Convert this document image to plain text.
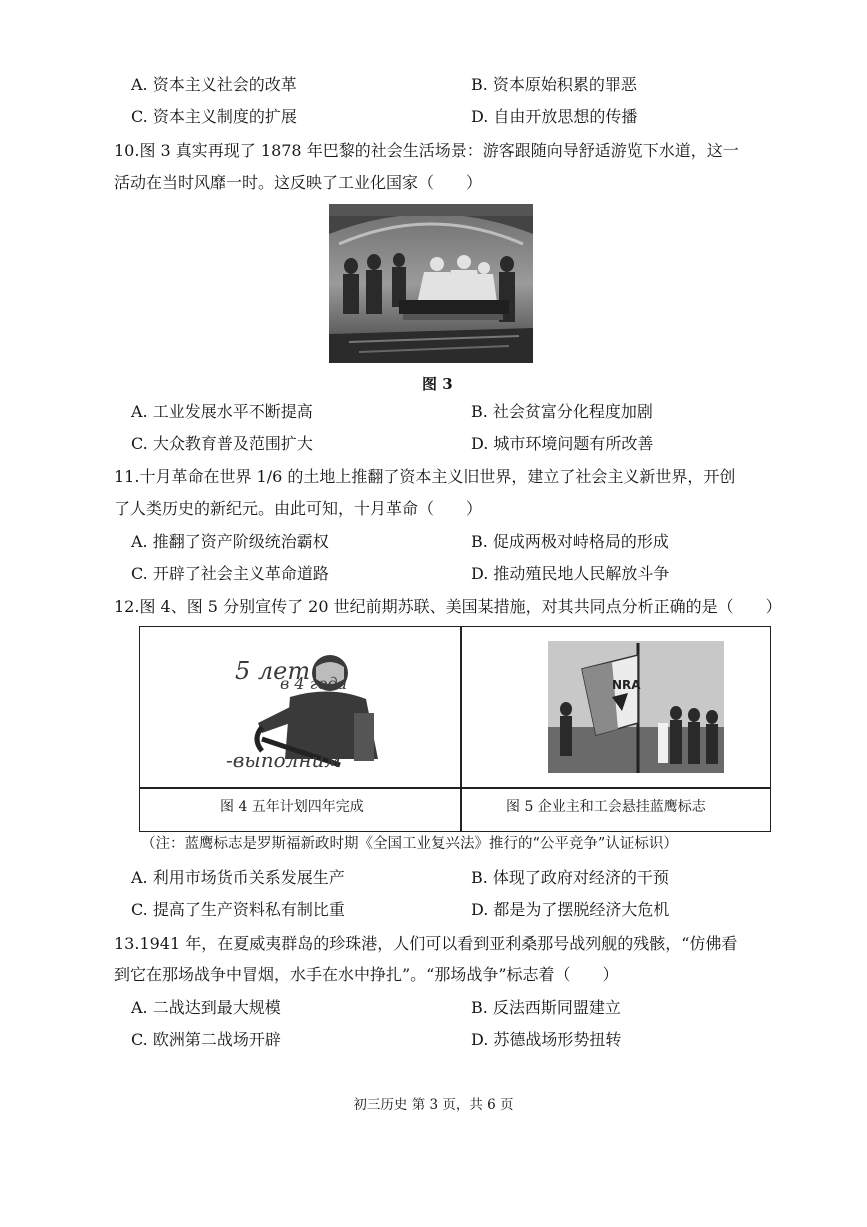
A. 资本主义社会的改革	B. 资本原始积累的罪恶
C. 资本主义制度的扩展	D. 自由开放思想的传播
10.图 3 真实再现了 1878 年巴黎的社会生活场景：游客跟随向导舒适游览下水道，这一
活动在当时风靡一时。这反映了工业化国家（　　）
图 3
A. 工业发展水平不断提高	B. 社会贫富分化程度加剧
C. 大众教育普及范围扩大	D. 城市环境问题有所改善
11.十月革命在世界 1/6 的土地上推翻了资本主义旧世界，建立了社会主义新世界，开创
了人类历史的新纪元。由此可知，十月革命（　　）
A. 推翻了资产阶级统治霸权	B. 促成两极对峙格局的形成
C. 开辟了社会主义革命道路	D. 推动殖民地人民解放斗争
12.图 4、图 5 分别宣传了 20 世纪前期苏联、美国某措施，对其共同点分析正确的是（　　）
5 лет
в 4 года
-выполним
NRA
图 4 五年计划四年完成	图 5 企业主和工会悬挂蓝鹰标志
（注：蓝鹰标志是罗斯福新政时期《全国工业复兴法》推行的“公平竞争”认证标识）
A. 利用市场货币关系发展生产	B. 体现了政府对经济的干预
C. 提高了生产资料私有制比重	D. 都是为了摆脱经济大危机
13.1941 年，在夏威夷群岛的珍珠港，人们可以看到亚利桑那号战列舰的残骸，“仿佛看
到它在那场战争中冒烟，水手在水中挣扎”。“那场战争”标志着（　　）
A. 二战达到最大规模	B. 反法西斯同盟建立
C. 欧洲第二战场开辟	D. 苏德战场形势扭转
初三历史 第 3 页，共 6 页
